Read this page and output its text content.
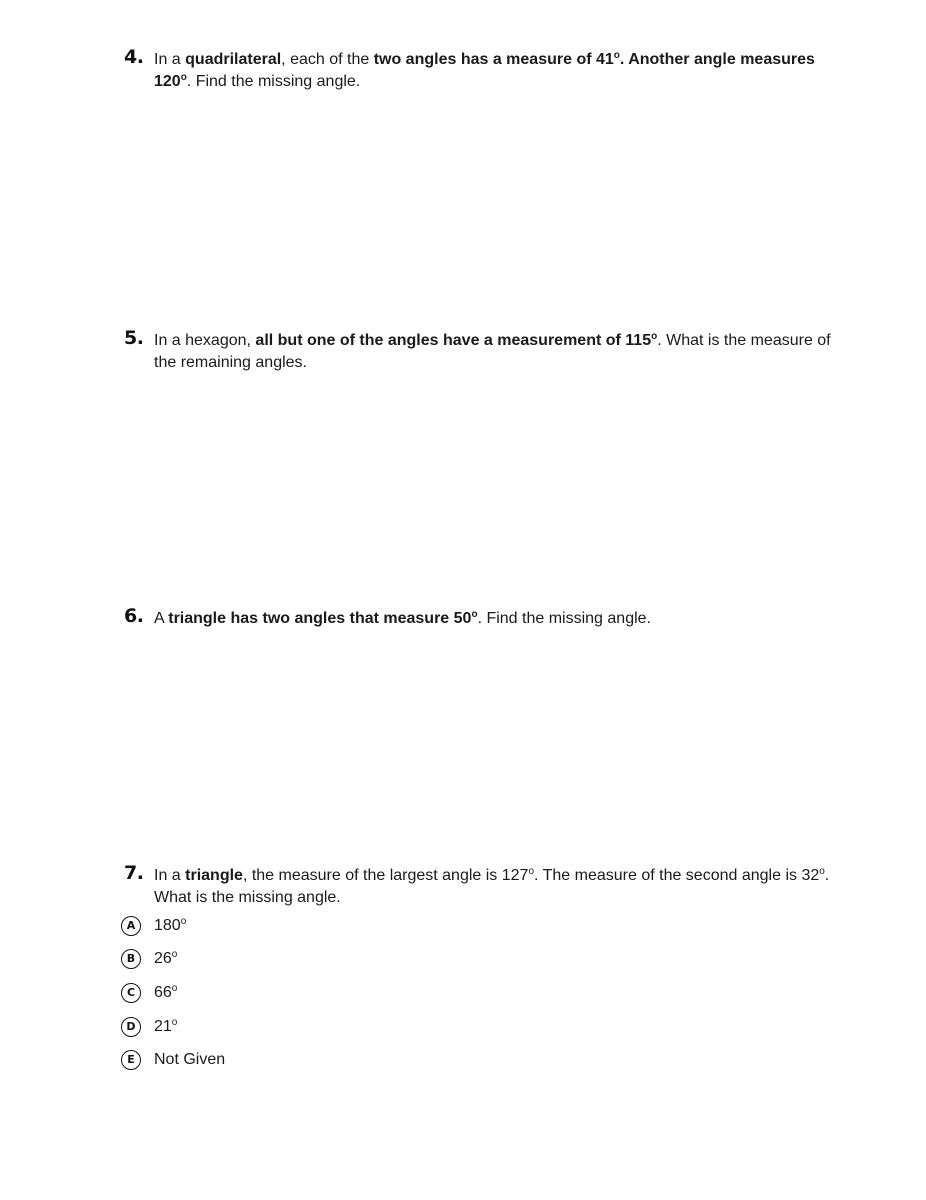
4. In a quadrilateral, each of the two angles has a measure of 41$^o$. Another angle measures 120$^o$. Find the missing angle.
5. In a hexagon, all but one of the angles have a measurement of 115$^o$. What is the measure of the remaining angles.
6. A triangle has two angles that measure 50$^o$. Find the missing angle.
7. In a triangle, the measure of the largest angle is 127$^o$. The measure of the second angle is 32$^o$. What is the missing angle.
A	180$^o$
B	26$^o$
C	66$^o$
D	21$^o$
E	Not Given
